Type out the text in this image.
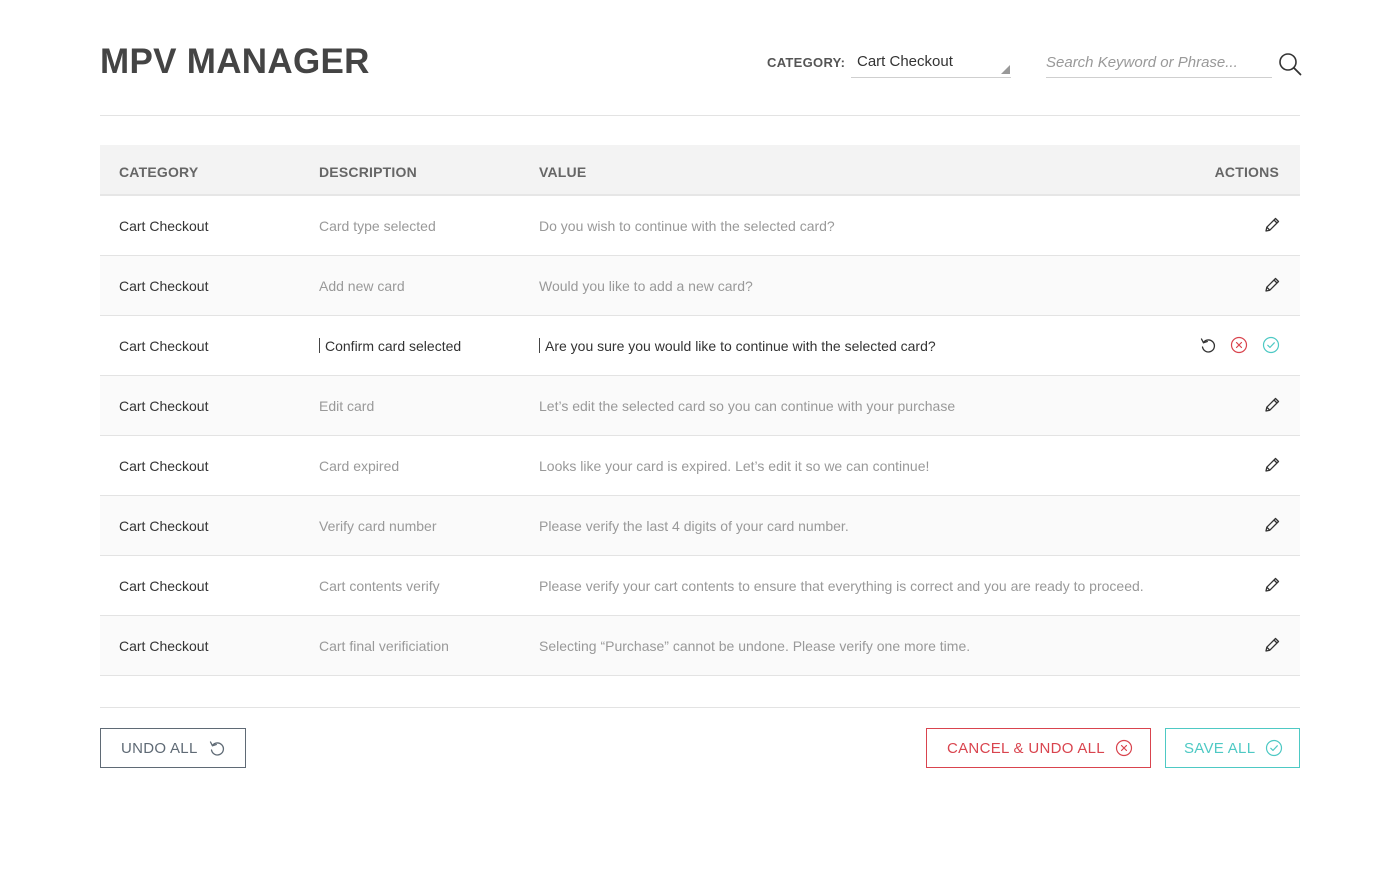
MPV MANAGER	CATEGORY: Cart Checkout
Search Keyword or Phrase...
CATEGORY	DESCRIPTION	VALUE	ACTIONS
Cart Checkout	Card type selected	Do you wish to continue with the selected card?
Cart Checkout	Add new card	Would you like to add a new card?
Cart Checkout	Confirm card selected	Are you sure you would like to continue with the selected card?
Cart Checkout	Edit card	Let’s edit the selected card so you can continue with your purchase
Cart Checkout	Card expired	Looks like your card is expired. Let’s edit it so we can continue!
Cart Checkout	Verify card number	Please verify the last 4 digits of your card number.
Cart Checkout	Cart contents verify	Please verify your cart contents to ensure that everything is correct and you are ready to proceed.
Cart Checkout	Cart final verificiation	Selecting “Purchase” cannot be undone. Please verify one more time.
UNDO ALL	CANCEL & UNDO ALL	SAVE ALL
